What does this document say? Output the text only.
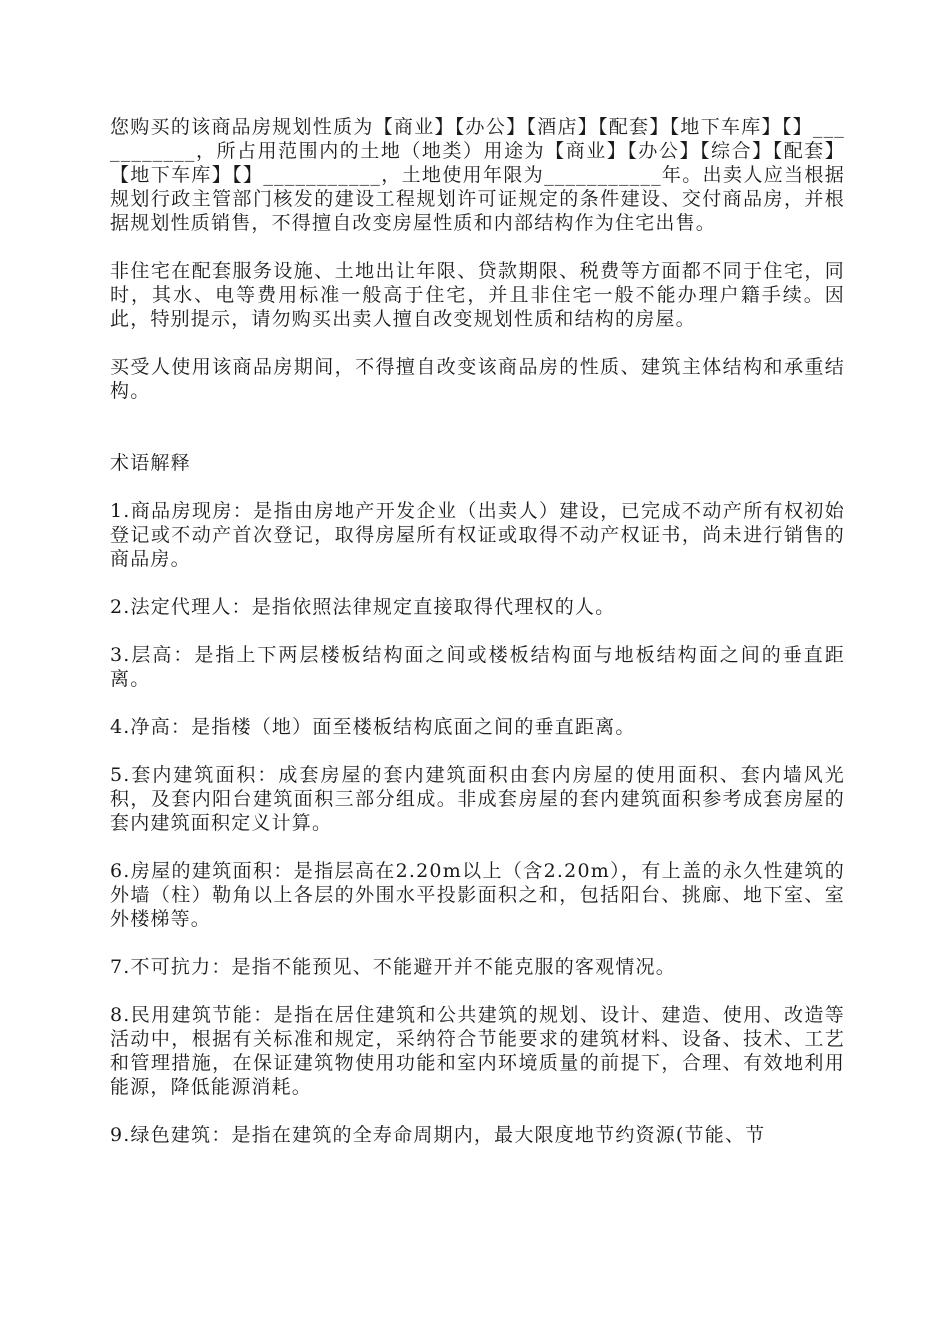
您购买的该商品房规划性质为【商业】【办公】【酒店】【配套】【地下车库】【】___________，所占用范围内的土地（地类）用途为【商业】【办公】【综合】【配套】【地下车库】【】___________，土地使用年限为___________年。出卖人应当根据规划行政主管部门核发的建设工程规划许可证规定的条件建设、交付商品房，并根据规划性质销售，不得擅自改变房屋性质和内部结构作为住宅出售。

非住宅在配套服务设施、土地出让年限、贷款期限、税费等方面都不同于住宅，同时，其水、电等费用标准一般高于住宅，并且非住宅一般不能办理户籍手续。因此，特别提示，请勿购买出卖人擅自改变规划性质和结构的房屋。

买受人使用该商品房期间，不得擅自改变该商品房的性质、建筑主体结构和承重结构。

术语解释

1.商品房现房：是指由房地产开发企业（出卖人）建设，已完成不动产所有权初始登记或不动产首次登记，取得房屋所有权证或取得不动产权证书，尚未进行销售的商品房。

2.法定代理人：是指依照法律规定直接取得代理权的人。

3.层高：是指上下两层楼板结构面之间或楼板结构面与地板结构面之间的垂直距离。

4.净高：是指楼（地）面至楼板结构底面之间的垂直距离。

5.套内建筑面积：成套房屋的套内建筑面积由套内房屋的使用面积、套内墙风光积，及套内阳台建筑面积三部分组成。非成套房屋的套内建筑面积参考成套房屋的套内建筑面积定义计算。

6.房屋的建筑面积：是指层高在2.20m以上（含2.20m），有上盖的永久性建筑的外墙（柱）勒角以上各层的外围水平投影面积之和，包括阳台、挑廊、地下室、室外楼梯等。

7.不可抗力：是指不能预见、不能避开并不能克服的客观情况。

8.民用建筑节能：是指在居住建筑和公共建筑的规划、设计、建造、使用、改造等活动中，根据有关标准和规定，采纳符合节能要求的建筑材料、设备、技术、工艺和管理措施，在保证建筑物使用功能和室内环境质量的前提下，合理、有效地利用能源，降低能源消耗。

9.绿色建筑：是指在建筑的全寿命周期内，最大限度地节约资源(节能、节
